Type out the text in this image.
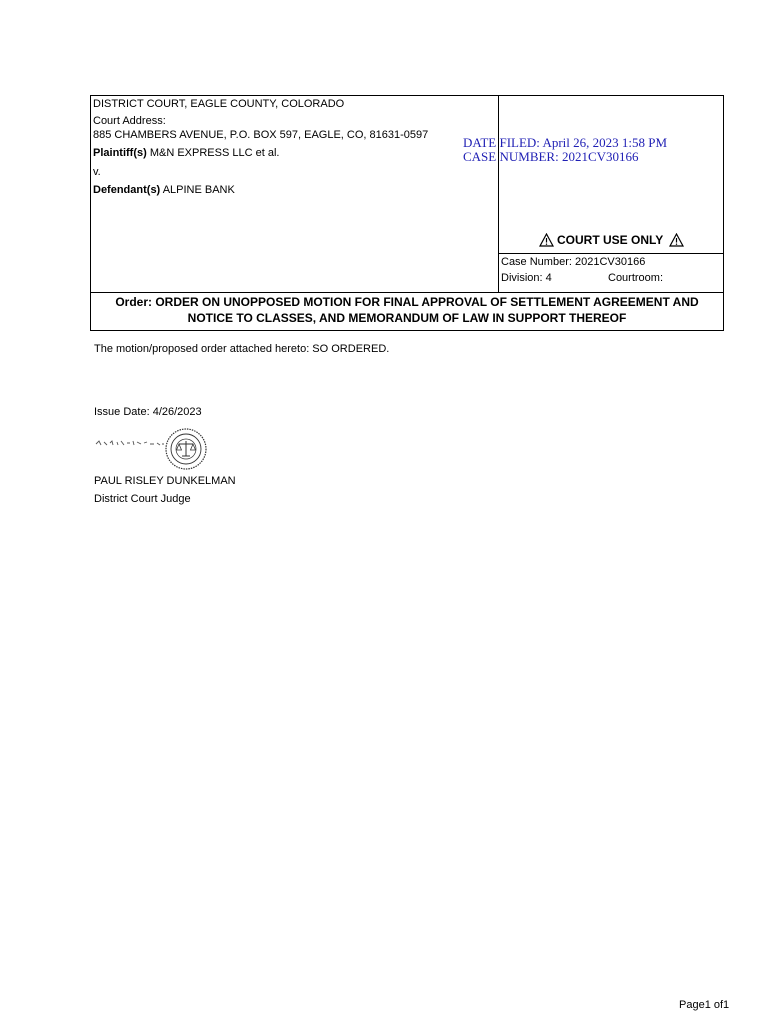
DISTRICT COURT, EAGLE COUNTY, COLORADO
Court Address:
885 CHAMBERS AVENUE, P.O. BOX 597, EAGLE, CO, 81631-0597
Plaintiff(s) M&N EXPRESS LLC et al.
v.
Defendant(s) ALPINE BANK
COURT USE ONLY
Case Number: 2021CV30166
Division: 4	Courtroom:
Order: ORDER ON UNOPPOSED MOTION FOR FINAL APPROVAL OF SETTLEMENT AGREEMENT AND
NOTICE TO CLASSES, AND MEMORANDUM OF LAW IN SUPPORT THEREOF
DATE FILED: April 26, 2023 1:58 PM
CASE NUMBER: 2021CV30166
The motion/proposed order attached hereto: SO ORDERED.
Issue Date: 4/26/2023
PAUL RISLEY DUNKELMAN
District Court Judge
Page1 of1
